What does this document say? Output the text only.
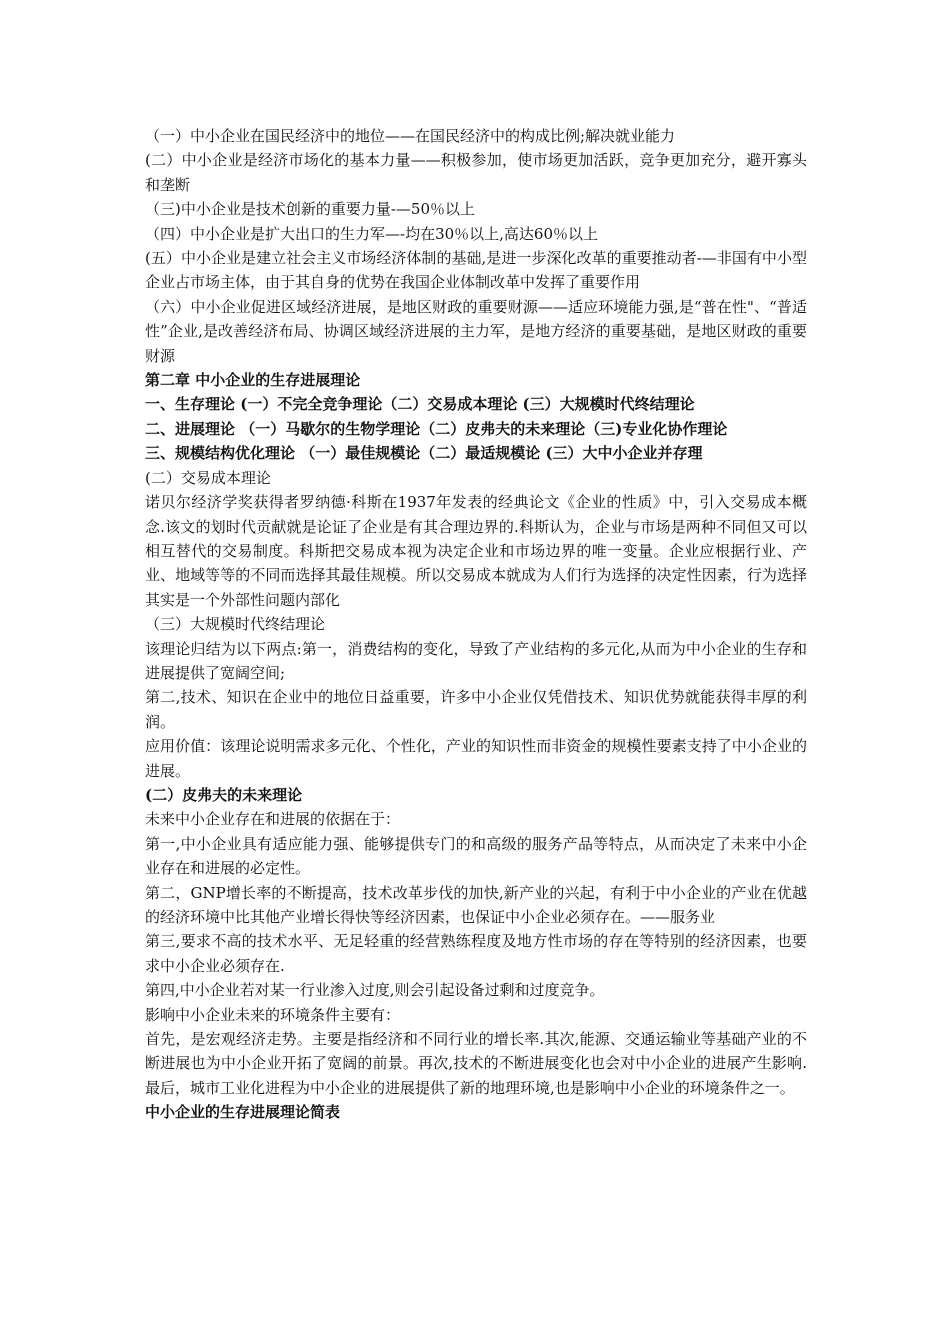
（一）中小企业在国民经济中的地位——在国民经济中的构成比例;解决就业能力

(二）中小企业是经济市场化的基本力量——积极参加，使市场更加活跃，竞争更加充分，避开寡头和垄断

（三)中小企业是技术创新的重要力量-—50％以上

（四）中小企业是扩大出口的生力军—-均在30％以上,高达60％以上

(五）中小企业是建立社会主义市场经济体制的基础,是进一步深化改革的重要推动者-—非国有中小型企业占市场主体，由于其自身的优势在我国企业体制改革中发挥了重要作用

（六）中小企业促进区域经济进展，是地区财政的重要财源——适应环境能力强,是“普在性"、“普适性”企业,是改善经济布局、协调区域经济进展的主力军，是地方经济的重要基础，是地区财政的重要财源

第二章 中小企业的生存进展理论

一、生存理论 (一）不完全竞争理论（二）交易成本理论 (三）大规模时代终结理论

二、进展理论 （一）马歇尔的生物学理论（二）皮弗夫的未来理论（三)专业化协作理论

三、规模结构优化理论 （一）最佳规模论（二）最适规模论 (三）大中小企业并存理

(二）交易成本理论

诺贝尔经济学奖获得者罗纳德·科斯在1937年发表的经典论文《企业的性质》中，引入交易成本概念.该文的划时代贡献就是论证了企业是有其合理边界的.科斯认为，企业与市场是两种不同但又可以相互替代的交易制度。科斯把交易成本视为决定企业和市场边界的唯一变量。企业应根据行业、产业、地域等等的不同而选择其最佳规模。所以交易成本就成为人们行为选择的决定性因素，行为选择其实是一个外部性问题内部化

（三）大规模时代终结理论

该理论归结为以下两点:第一，消费结构的变化，导致了产业结构的多元化,从而为中小企业的生存和进展提供了宽阔空间;

第二,技术、知识在企业中的地位日益重要，许多中小企业仅凭借技术、知识优势就能获得丰厚的利润。

应用价值：该理论说明需求多元化、个性化，产业的知识性而非资金的规模性要素支持了中小企业的进展。

(二）皮弗夫的未来理论

未来中小企业存在和进展的依据在于：

第一,中小企业具有适应能力强、能够提供专门的和高级的服务产品等特点，从而决定了未来中小企业存在和进展的必定性。

第二，GNP增长率的不断提高，技术改革步伐的加快,新产业的兴起，有利于中小企业的产业在优越的经济环境中比其他产业增长得快等经济因素，也保证中小企业必须存在。——服务业

第三,要求不高的技术水平、无足轻重的经营熟练程度及地方性市场的存在等特别的经济因素，也要求中小企业必须存在.

第四,中小企业若对某一行业渗入过度,则会引起设备过剩和过度竞争。

影响中小企业未来的环境条件主要有：

首先，是宏观经济走势。主要是指经济和不同行业的增长率.其次,能源、交通运输业等基础产业的不断进展也为中小企业开拓了宽阔的前景。再次,技术的不断进展变化也会对中小企业的进展产生影响.最后，城市工业化进程为中小企业的进展提供了新的地理环境,也是影响中小企业的环境条件之一。

中小企业的生存进展理论简表
